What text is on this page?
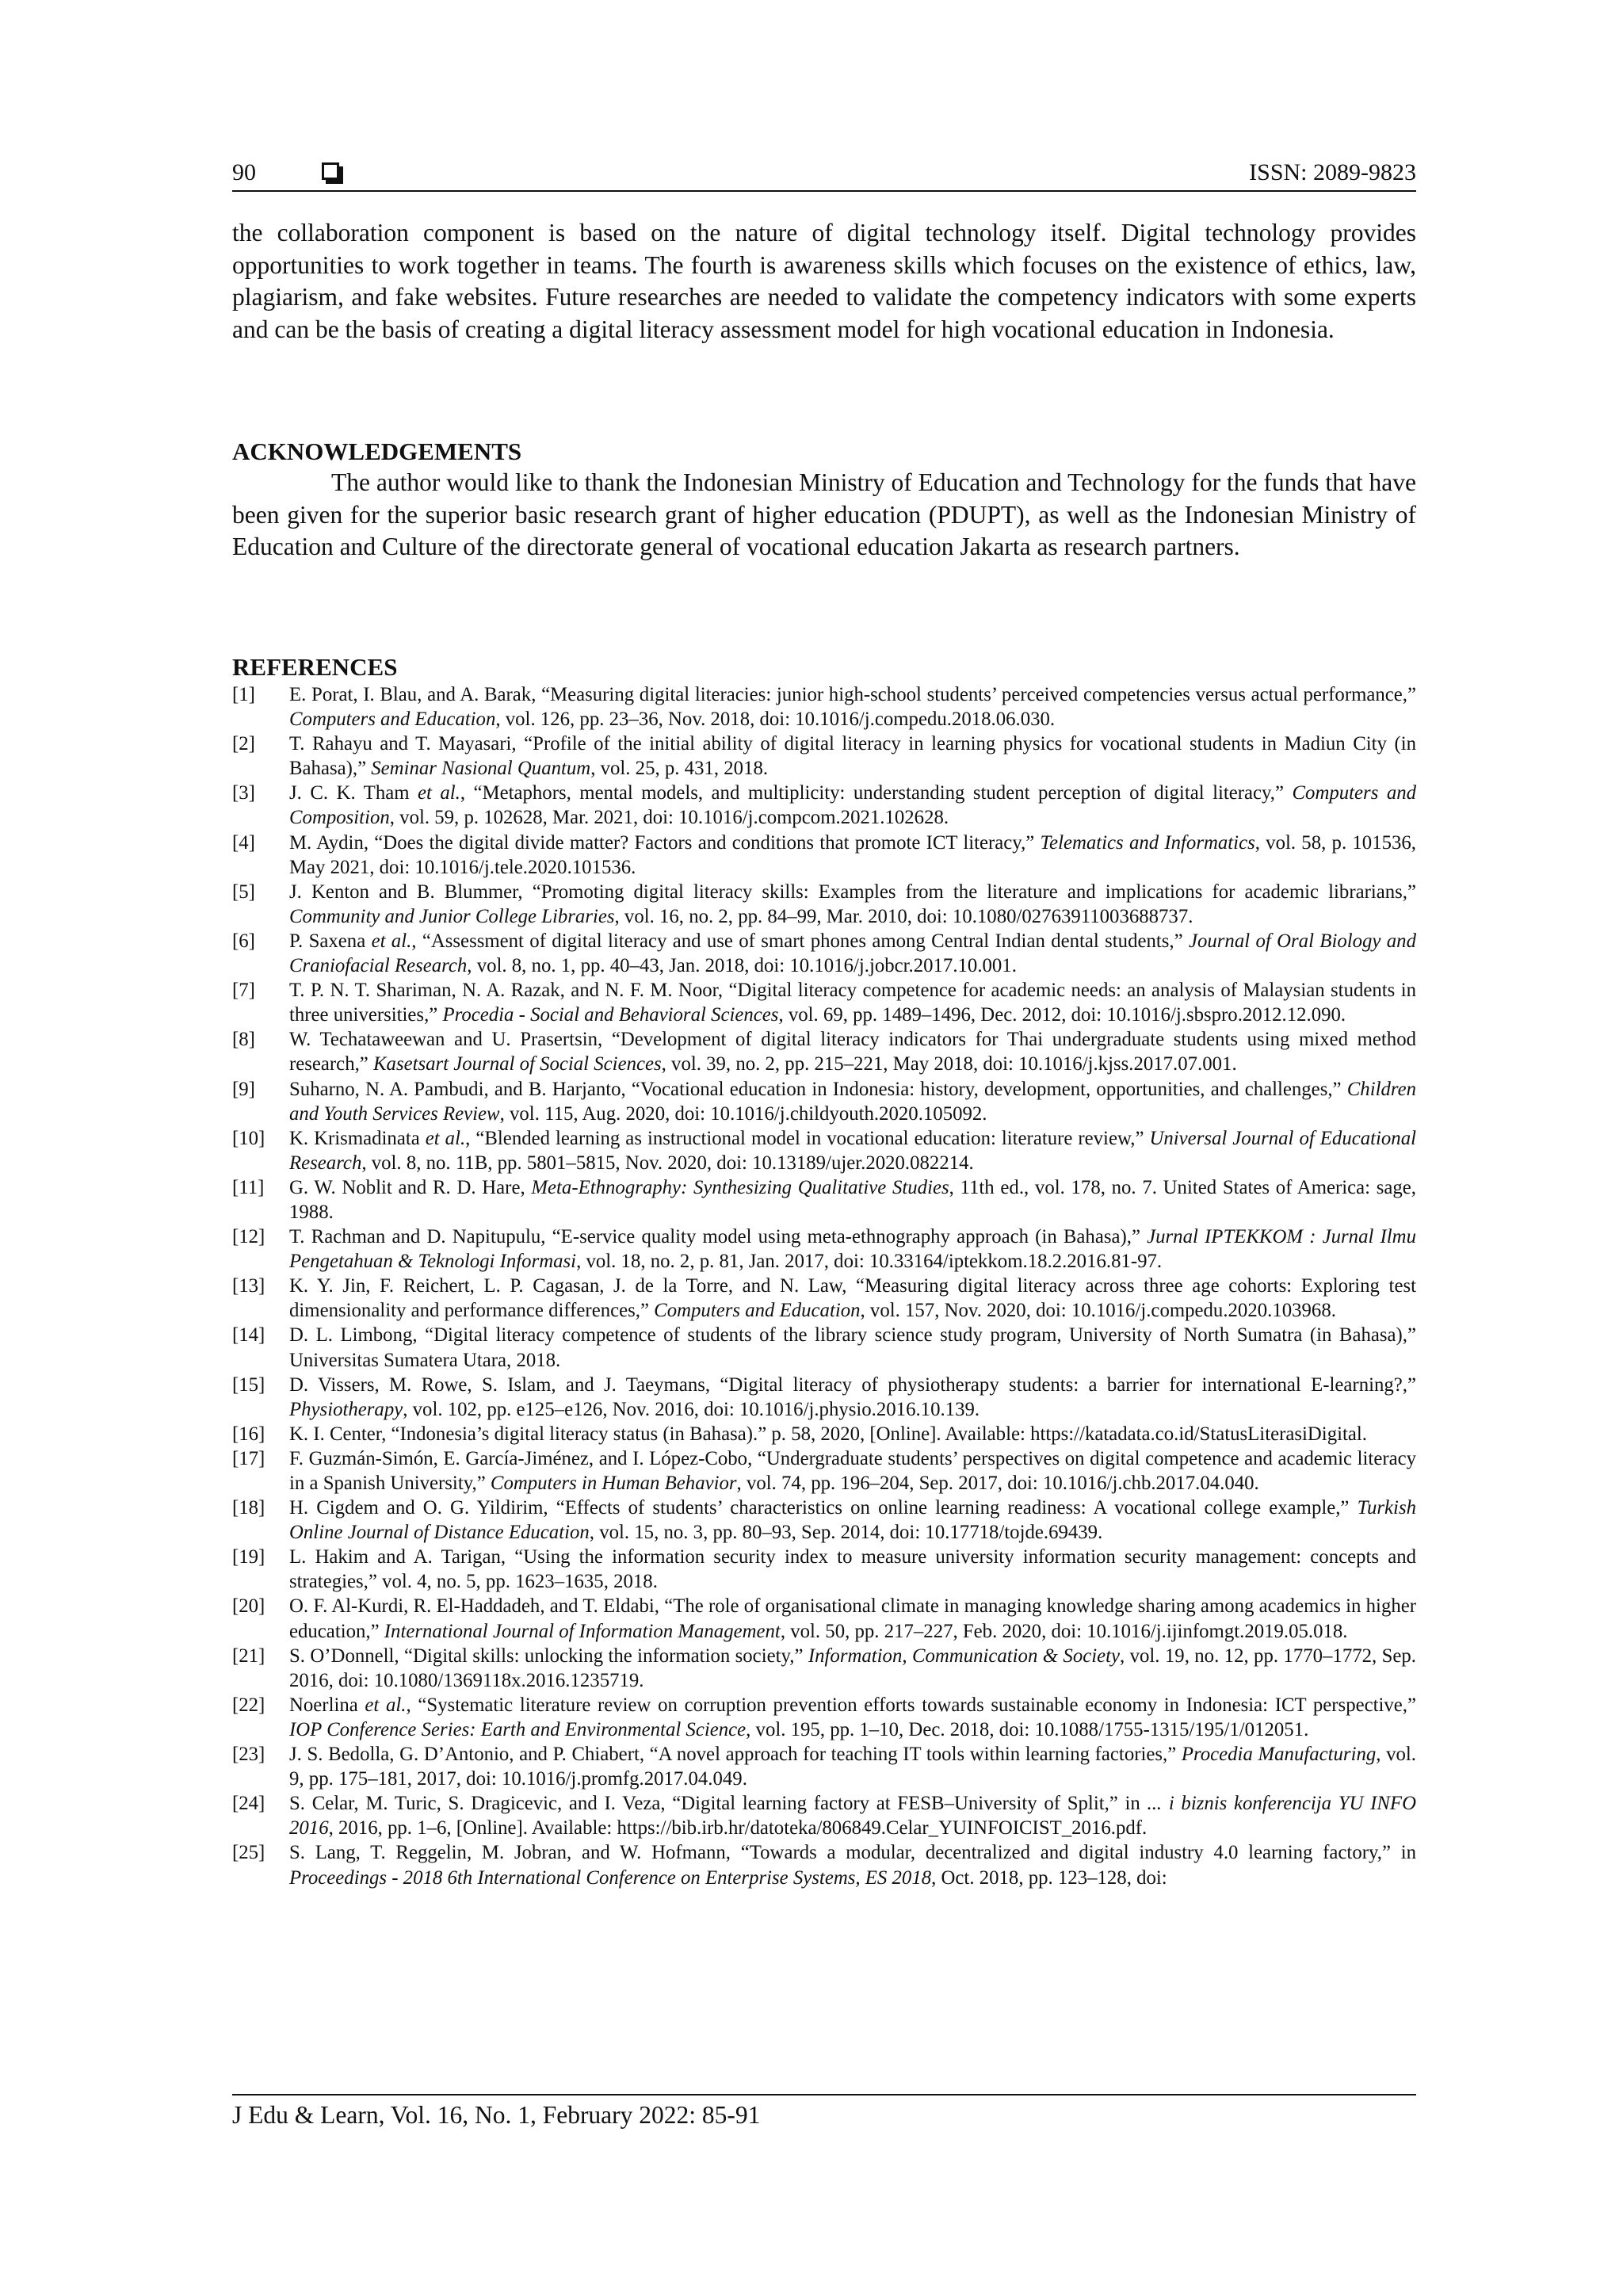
90	ISSN: 2089-9823
the collaboration component is based on the nature of digital technology itself. Digital technology provides opportunities to work together in teams. The fourth is awareness skills which focuses on the existence of ethics, law, plagiarism, and fake websites. Future researches are needed to validate the competency indicators with some experts and can be the basis of creating a digital literacy assessment model for high vocational education in Indonesia.
ACKNOWLEDGEMENTS
The author would like to thank the Indonesian Ministry of Education and Technology for the funds that have been given for the superior basic research grant of higher education (PDUPT), as well as the Indonesian Ministry of Education and Culture of the directorate general of vocational education Jakarta as research partners.
REFERENCES
[1] E. Porat, I. Blau, and A. Barak, “Measuring digital literacies: junior high-school students’ perceived competencies versus actual performance,” Computers and Education, vol. 126, pp. 23–36, Nov. 2018, doi: 10.1016/j.compedu.2018.06.030.
[2] T. Rahayu and T. Mayasari, “Profile of the initial ability of digital literacy in learning physics for vocational students in Madiun City (in Bahasa),” Seminar Nasional Quantum, vol. 25, p. 431, 2018.
[3] J. C. K. Tham et al., “Metaphors, mental models, and multiplicity: understanding student perception of digital literacy,” Computers and Composition, vol. 59, p. 102628, Mar. 2021, doi: 10.1016/j.compcom.2021.102628.
[4] M. Aydin, “Does the digital divide matter? Factors and conditions that promote ICT literacy,” Telematics and Informatics, vol. 58, p. 101536, May 2021, doi: 10.1016/j.tele.2020.101536.
[5] J. Kenton and B. Blummer, “Promoting digital literacy skills: Examples from the literature and implications for academic librarians,” Community and Junior College Libraries, vol. 16, no. 2, pp. 84–99, Mar. 2010, doi: 10.1080/02763911003688737.
[6] P. Saxena et al., “Assessment of digital literacy and use of smart phones among Central Indian dental students,” Journal of Oral Biology and Craniofacial Research, vol. 8, no. 1, pp. 40–43, Jan. 2018, doi: 10.1016/j.jobcr.2017.10.001.
[7] T. P. N. T. Shariman, N. A. Razak, and N. F. M. Noor, “Digital literacy competence for academic needs: an analysis of Malaysian students in three universities,” Procedia - Social and Behavioral Sciences, vol. 69, pp. 1489–1496, Dec. 2012, doi: 10.1016/j.sbspro.2012.12.090.
[8] W. Techataweewan and U. Prasertsin, “Development of digital literacy indicators for Thai undergraduate students using mixed method research,” Kasetsart Journal of Social Sciences, vol. 39, no. 2, pp. 215–221, May 2018, doi: 10.1016/j.kjss.2017.07.001.
[9] Suharno, N. A. Pambudi, and B. Harjanto, “Vocational education in Indonesia: history, development, opportunities, and challenges,” Children and Youth Services Review, vol. 115, Aug. 2020, doi: 10.1016/j.childyouth.2020.105092.
[10] K. Krismadinata et al., “Blended learning as instructional model in vocational education: literature review,” Universal Journal of Educational Research, vol. 8, no. 11B, pp. 5801–5815, Nov. 2020, doi: 10.13189/ujer.2020.082214.
[11] G. W. Noblit and R. D. Hare, Meta-Ethnography: Synthesizing Qualitative Studies, 11th ed., vol. 178, no. 7. United States of America: sage, 1988.
[12] T. Rachman and D. Napitupulu, “E-service quality model using meta-ethnography approach (in Bahasa),” Jurnal IPTEKKOM : Jurnal Ilmu Pengetahuan & Teknologi Informasi, vol. 18, no. 2, p. 81, Jan. 2017, doi: 10.33164/iptekkom.18.2.2016.81-97.
[13] K. Y. Jin, F. Reichert, L. P. Cagasan, J. de la Torre, and N. Law, “Measuring digital literacy across three age cohorts: Exploring test dimensionality and performance differences,” Computers and Education, vol. 157, Nov. 2020, doi: 10.1016/j.compedu.2020.103968.
[14] D. L. Limbong, “Digital literacy competence of students of the library science study program, University of North Sumatra (in Bahasa),” Universitas Sumatera Utara, 2018.
[15] D. Vissers, M. Rowe, S. Islam, and J. Taeymans, “Digital literacy of physiotherapy students: a barrier for international E-learning?,” Physiotherapy, vol. 102, pp. e125–e126, Nov. 2016, doi: 10.1016/j.physio.2016.10.139.
[16] K. I. Center, “Indonesia’s digital literacy status (in Bahasa).” p. 58, 2020, [Online]. Available: https://katadata.co.id/StatusLiterasiDigital.
[17] F. Guzmán-Simón, E. García-Jiménez, and I. López-Cobo, “Undergraduate students’ perspectives on digital competence and academic literacy in a Spanish University,” Computers in Human Behavior, vol. 74, pp. 196–204, Sep. 2017, doi: 10.1016/j.chb.2017.04.040.
[18] H. Cigdem and O. G. Yildirim, “Effects of students’ characteristics on online learning readiness: A vocational college example,” Turkish Online Journal of Distance Education, vol. 15, no. 3, pp. 80–93, Sep. 2014, doi: 10.17718/tojde.69439.
[19] L. Hakim and A. Tarigan, “Using the information security index to measure university information security management: concepts and strategies,” vol. 4, no. 5, pp. 1623–1635, 2018.
[20] O. F. Al-Kurdi, R. El-Haddadeh, and T. Eldabi, “The role of organisational climate in managing knowledge sharing among academics in higher education,” International Journal of Information Management, vol. 50, pp. 217–227, Feb. 2020, doi: 10.1016/j.ijinfomgt.2019.05.018.
[21] S. O’Donnell, “Digital skills: unlocking the information society,” Information, Communication & Society, vol. 19, no. 12, pp. 1770–1772, Sep. 2016, doi: 10.1080/1369118x.2016.1235719.
[22] Noerlina et al., “Systematic literature review on corruption prevention efforts towards sustainable economy in Indonesia: ICT perspective,” IOP Conference Series: Earth and Environmental Science, vol. 195, pp. 1–10, Dec. 2018, doi: 10.1088/1755-1315/195/1/012051.
[23] J. S. Bedolla, G. D’Antonio, and P. Chiabert, “A novel approach for teaching IT tools within learning factories,” Procedia Manufacturing, vol. 9, pp. 175–181, 2017, doi: 10.1016/j.promfg.2017.04.049.
[24] S. Celar, M. Turic, S. Dragicevic, and I. Veza, “Digital learning factory at FESB–University of Split,” in ... i biznis konferencija YU INFO 2016, 2016, pp. 1–6, [Online]. Available: https://bib.irb.hr/datoteka/806849.Celar_YUINFOICIST_2016.pdf.
[25] S. Lang, T. Reggelin, M. Jobran, and W. Hofmann, “Towards a modular, decentralized and digital industry 4.0 learning factory,” in Proceedings - 2018 6th International Conference on Enterprise Systems, ES 2018, Oct. 2018, pp. 123–128, doi:
J Edu & Learn, Vol. 16, No. 1, February 2022: 85-91
